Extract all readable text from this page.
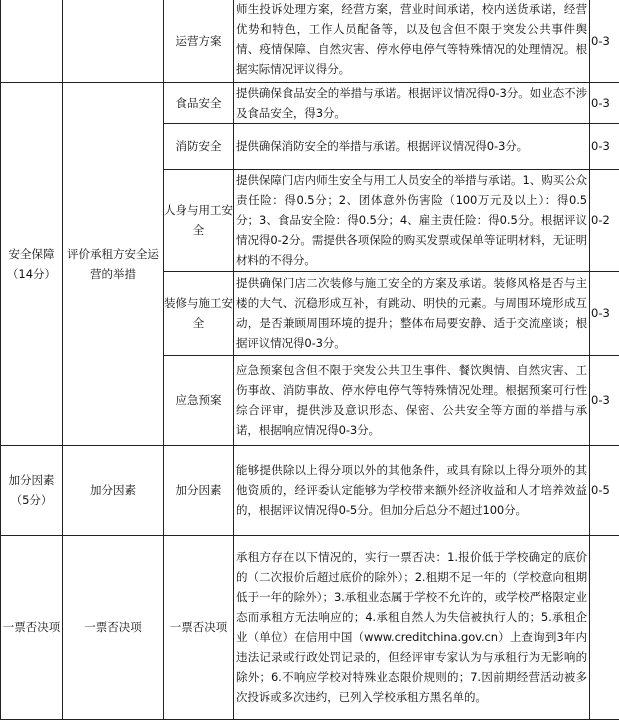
		运营方案	师生投诉处理方案，经营方案，营业时间承诺，校内送货承诺，经营优势和特色，工作人员配备等，以及包含但不限于突发公共事件舆情、疫情保障、自然灾害、停水停电停气等特殊情况的处理情况。根据实际情况评议得分。	0-3

安全保障（14分）	评价承租方安全运营的举措	食品安全	提供确保食品安全的举措与承诺。根据评议情况得0-3分。如业态不涉及食品安全，得3分。	0-3

		消防安全	提供确保消防安全的举措与承诺。根据评议情况得0-3分。	0-3

		人身与用工安全	提供保障门店内师生安全与用工人员安全的举措与承诺。1、购买公众责任险：得0.5分；2、团体意外伤害险（100万元及以上）：得0.5分；3、食品安全险：得0.5分；4、雇主责任险：得0.5分。根据评议情况得0-2分。需提供各项保险的购买发票或保单等证明材料，无证明材料的不得分。	0-2

		装修与施工安全	提供确保门店二次装修与施工安全的方案及承诺。装修风格是否与主楼的大气、沉稳形成互补，有跳动、明快的元素。与周围环境形成互动，是否兼顾周围环境的提升；整体布局要安静、适于交流座谈；根据评议情况得0-3分。	0-3

		应急预案	应急预案包含但不限于突发公共卫生事件、餐饮舆情、自然灾害、工伤事故、消防事故、停水停电停气等特殊情况处理。根据预案可行性综合评审，提供涉及意识形态、保密、公共安全等方面的举措与承诺，根据响应情况得0-3分。	0-3

加分因素（5分）	加分因素	加分因素	能够提供除以上得分项以外的其他条件，或具有除以上得分项外的其他资质的，经评委认定能够为学校带来额外经济收益和人才培养效益的，根据评议情况得0-5分。但加分后总分不超过100分。	0-5

一票否决项	一票否决项	一票否决项	承租方存在以下情况的，实行一票否决：1.报价低于学校确定的底价的（二次报价后超过底价的除外）；2.租期不足一年的（学校意向租期低于一年的除外）；3.承租业态属于学校不允许的，或学校严格限定业态而承租方无法响应的；4.承租自然人为失信被执行人的；5.承租企业（单位）在信用中国（www.creditchina.gov.cn）上查询到3年内违法记录或行政处罚记录的，但经评审专家认为与承租行为无影响的除外；6.不响应学校对特殊业态限价规则的；7.因前期经营活动被多次投诉或多次违约，已列入学校承租方黑名单的。	
